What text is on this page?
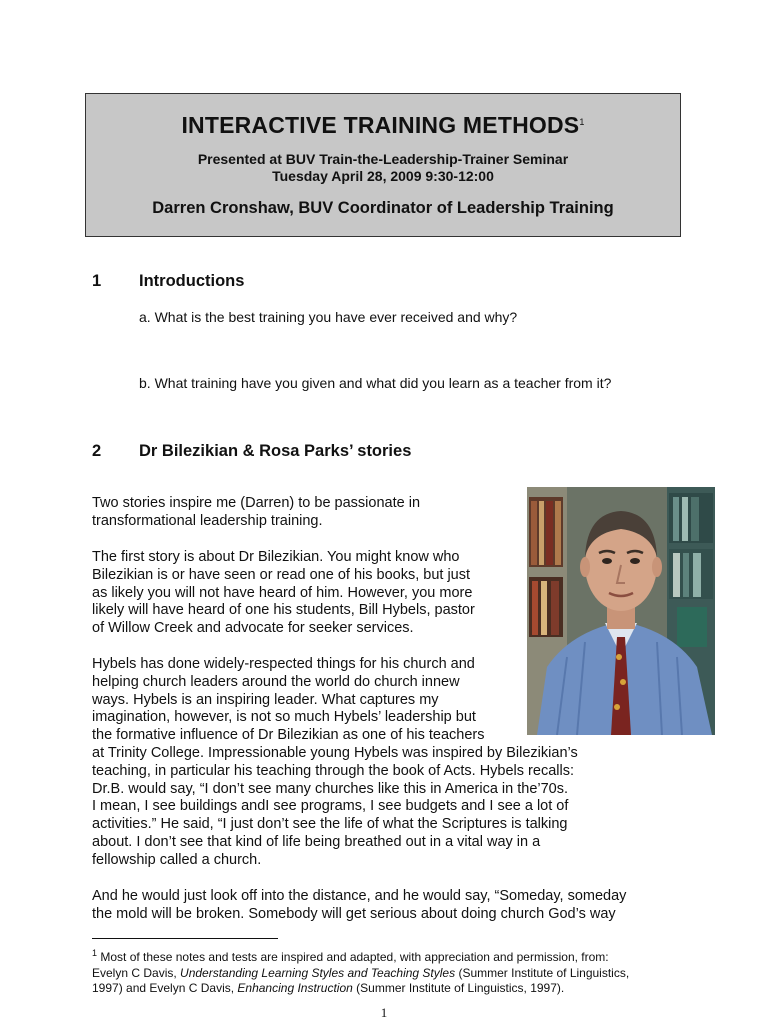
INTERACTIVE TRAINING METHODS$^1$
Presented at BUV Train-the-Leadership-Trainer Seminar
Tuesday April 28, 2009 9:30-12:00
Darren Cronshaw, BUV Coordinator of Leadership Training
1 Introductions
a. What is the best training you have ever received and why?
b. What training have you given and what did you learn as a teacher from it?
2 Dr Bilezikian & Rosa Parks’ stories
Two stories inspire me (Darren) to be passionate in
transformational leadership training.
The first story is about Dr Bilezikian. You might know who
Bilezikian is or have seen or read one of his books, but just
as likely you will not have heard of him. However, you more
likely will have heard of one his students, Bill Hybels, pastor
of Willow Creek and advocate for seeker services.
Hybels has done widely-respected things for his church and
helping church leaders around the world do church innew
ways. Hybels is an inspiring leader. What captures my
imagination, however, is not so much Hybels’ leadership but
the formative influence of Dr Bilezikian as one of his teachers
at Trinity College. Impressionable young Hybels was inspired by Bilezikian’s
teaching, in particular his teaching through the book of Acts. Hybels recalls:
Dr.B. would say, “I don’t see many churches like this in America in the’70s.
I mean, I see buildings andI see programs, I see budgets and I see a lot of
activities.” He said, “I just don’t see the life of what the Scriptures is talking
about. I don’t see that kind of life being breathed out in a vital way in a
fellowship called a church.
And he would just look off into the distance, and he would say, “Someday, someday
the mold will be broken. Somebody will get serious about doing church God’s way
$^1$ Most of these notes and tests are inspired and adapted, with appreciation and permission, from:
Evelyn C Davis, Understanding Learning Styles and Teaching Styles (Summer Institute of Linguistics,
1997) and Evelyn C Davis, Enhancing Instruction (Summer Institute of Linguistics, 1997).
1
